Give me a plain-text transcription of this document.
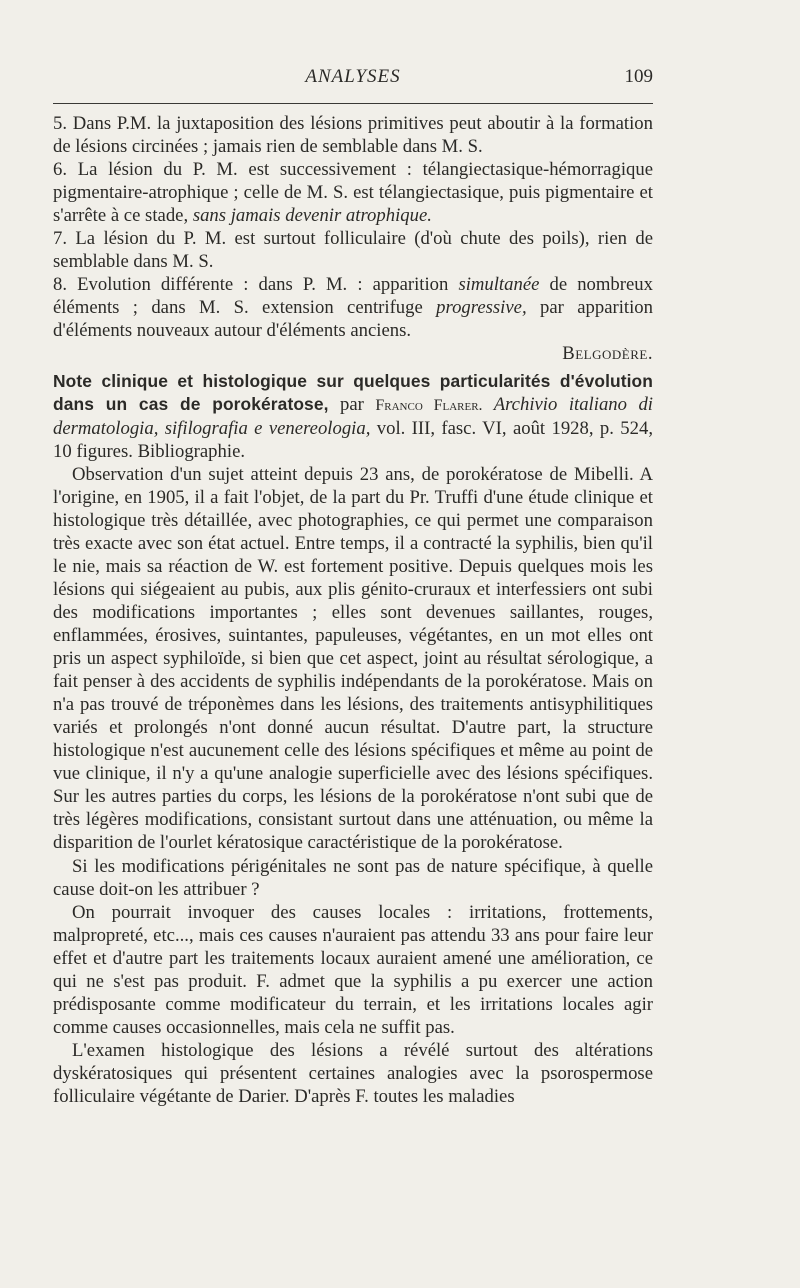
ANALYSES	109

5. Dans P.M. la juxtaposition des lésions primitives peut aboutir à la formation de lésions circinées ; jamais rien de semblable dans M. S.

6. La lésion du P. M. est successivement : télangiectasique-hémorragique pigmentaire-atrophique ; celle de M. S. est télangiectasique, puis pigmentaire et s'arrête à ce stade, sans jamais devenir atrophique.

7. La lésion du P. M. est surtout folliculaire (d'où chute des poils), rien de semblable dans M. S.

8. Evolution différente : dans P. M. : apparition simultanée de nombreux éléments ; dans M. S. extension centrifuge progressive, par apparition d'éléments nouveaux autour d'éléments anciens.

Belgodère.

Note clinique et histologique sur quelques particularités d'évolution dans un cas de porokératose, par Franco Flarer. Archivio italiano di dermatologia, sifilografia e venereologia, vol. III, fasc. VI, août 1928, p. 524, 10 figures. Bibliographie.

Observation d'un sujet atteint depuis 23 ans, de porokératose de Mibelli. A l'origine, en 1905, il a fait l'objet, de la part du Pr. Truffi d'une étude clinique et histologique très détaillée, avec photographies, ce qui permet une comparaison très exacte avec son état actuel. Entre temps, il a contracté la syphilis, bien qu'il le nie, mais sa réaction de W. est fortement positive. Depuis quelques mois les lésions qui siégeaient au pubis, aux plis génito-cruraux et interfessiers ont subi des modifications importantes ; elles sont devenues saillantes, rouges, enflammées, érosives, suintantes, papuleuses, végétantes, en un mot elles ont pris un aspect syphiloïde, si bien que cet aspect, joint au résultat sérologique, a fait penser à des accidents de syphilis indépendants de la porokératose. Mais on n'a pas trouvé de tréponèmes dans les lésions, des traitements antisyphilitiques variés et prolongés n'ont donné aucun résultat. D'autre part, la structure histologique n'est aucunement celle des lésions spécifiques et même au point de vue clinique, il n'y a qu'une analogie superficielle avec des lésions spécifiques. Sur les autres parties du corps, les lésions de la porokératose n'ont subi que de très légères modifications, consistant surtout dans une atténuation, ou même la disparition de l'ourlet kératosique caractéristique de la porokératose.

Si les modifications périgénitales ne sont pas de nature spécifique, à quelle cause doit-on les attribuer ?

On pourrait invoquer des causes locales : irritations, frottements, malpropreté, etc..., mais ces causes n'auraient pas attendu 33 ans pour faire leur effet et d'autre part les traitements locaux auraient amené une amélioration, ce qui ne s'est pas produit. F. admet que la syphilis a pu exercer une action prédisposante comme modificateur du terrain, et les irritations locales agir comme causes occasionnelles, mais cela ne suffit pas.

L'examen histologique des lésions a révélé surtout des altérations dyskératosiques qui présentent certaines analogies avec la psorospermose folliculaire végétante de Darier. D'après F. toutes les maladies
